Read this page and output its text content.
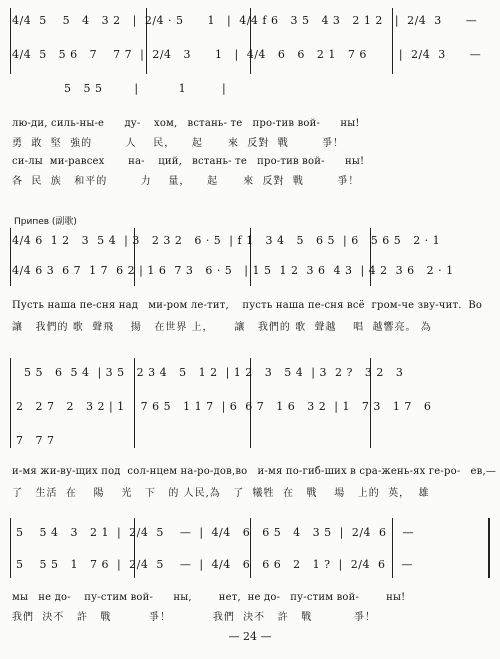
4/4  5    5   4   3 2   |  2/4 · 5      1   |  4/4 f 6   3 5   4 3   2 1 2   |  2/4  3      —
4/4  5   5 6   7    7 7  |  2/4   3      1   |  4/4   6   6   2 1   7 6        |  2/4  3      —
5   5 5        |          1         |
лю-ди, силь-ны-е      ду-    хом,   встань- те   про-тив вой-      ны!
勇  敢  堅  強的        人    民，    起      來  反對  戰        爭！
си-лы  ми-равсех       на-    ций,   встань- те   про-тив вой-      ны!
各  民  族   和平的        力    量，    起      來  反對  戰        爭！
Припев (副歌)
4/4 6  1 2   3  5 4  | 3   2 3 2   6 · 5  | f 1   3 4   5   6 5  | 6   5 6 5   2 · 1
4/4 6 3  6 7  1 7  6 2 | 1 6  7 3   6 · 5   | 1 5  1 2  3 6  4 3  | 4 2  3 6   2 · 1
Пусть наша пе-сня над   ми-ром ле-тит,    пусть наша пе-сня всё  гром-че зву-чит.  Во
讓   我們的 歌  聲飛    揚   在世界 上，     讓   我們的 歌  聲越    唱  越響亮。 為
5 5   6  5 4  | 3 5   2 3 4   5   1 2  | 1 2   3   5 4  | 3  2 ?   3 2   3
2   2 7   2   3 2 | 1    7 6 5   1 1 7  | 6  6 7   1 6   3 2  | 1   7 3   1 7   6
7   7 7
и-мя жи-ву-щих под  сол-нцем на-ро-дов,во   и-мя по-гиб-ших в сра-жень-ях ге-ро-   ев,—
了   生活  在    陽    光   下   的 人民,為   了  犧牲  在   戰    場   上的  英，  雄
5    5 4   3   2 1  |  2/4  5    —  |  4/4   6   6 5   4   3 5  |  2/4  6    —
5    5 5   1   7 6  |  2/4  5    —  |  4/4   6   6 6   2   1 ?  |  2/4  6    —
мы   не до-    пу-стим вой-      ны,        нет,  не до-   пу-стим вой-        ны!
我們  決不   許   戰         爭！          我們  決不   許   戰          爭！
— 24 —
